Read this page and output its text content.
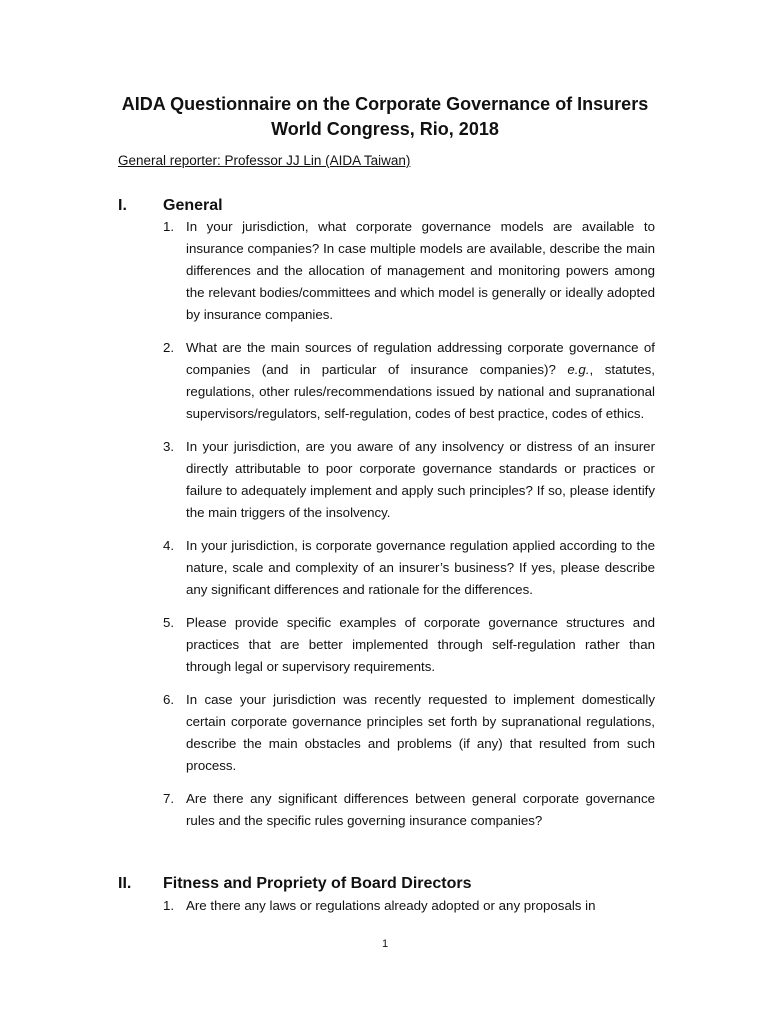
AIDA Questionnaire on the Corporate Governance of Insurers
World Congress, Rio, 2018
General reporter: Professor JJ Lin (AIDA Taiwan)
I. General
1. In your jurisdiction, what corporate governance models are available to insurance companies? In case multiple models are available, describe the main differences and the allocation of management and monitoring powers among the relevant bodies/committees and which model is generally or ideally adopted by insurance companies.
2. What are the main sources of regulation addressing corporate governance of companies (and in particular of insurance companies)? e.g., statutes, regulations, other rules/recommendations issued by national and supranational supervisors/regulators, self-regulation, codes of best practice, codes of ethics.
3. In your jurisdiction, are you aware of any insolvency or distress of an insurer directly attributable to poor corporate governance standards or practices or failure to adequately implement and apply such principles? If so, please identify the main triggers of the insolvency.
4. In your jurisdiction, is corporate governance regulation applied according to the nature, scale and complexity of an insurer’s business? If yes, please describe any significant differences and rationale for the differences.
5. Please provide specific examples of corporate governance structures and practices that are better implemented through self-regulation rather than through legal or supervisory requirements.
6. In case your jurisdiction was recently requested to implement domestically certain corporate governance principles set forth by supranational regulations, describe the main obstacles and problems (if any) that resulted from such process.
7. Are there any significant differences between general corporate governance rules and the specific rules governing insurance companies?
II. Fitness and Propriety of Board Directors
1. Are there any laws or regulations already adopted or any proposals in
1
